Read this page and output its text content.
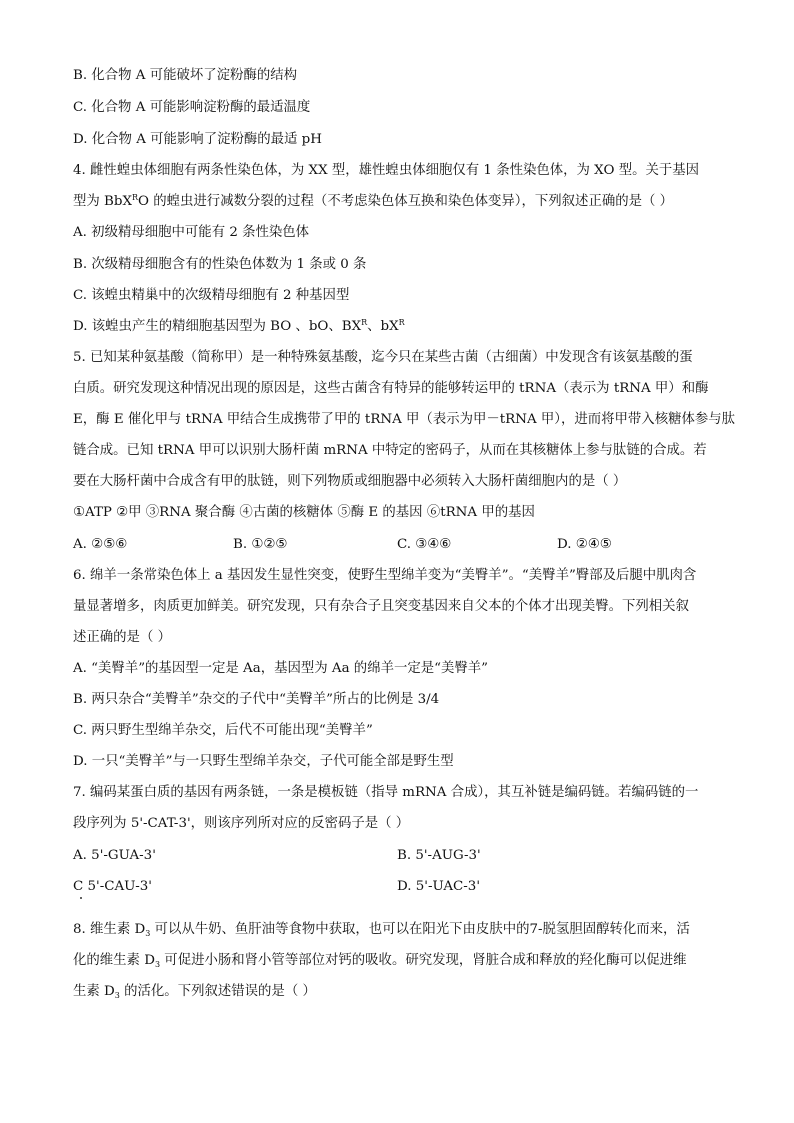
B. 化合物 A 可能破坏了淀粉酶的结构
C. 化合物 A 可能影响淀粉酶的最适温度
D. 化合物 A 可能影响了淀粉酶的最适 pH
4. 雌性蝗虫体细胞有两条性染色体，为 XX 型，雄性蝗虫体细胞仅有 1 条性染色体，为 XO 型。关于基因
型为 BbX$^R$O 的蝗虫进行减数分裂的过程（不考虑染色体互换和染色体变异），下列叙述正确的是（ ）
A. 初级精母细胞中可能有 2 条性染色体
B. 次级精母细胞含有的性染色体数为 1 条或 0 条
C. 该蝗虫精巢中的次级精母细胞有 2 种基因型
D. 该蝗虫产生的精细胞基因型为 BO 、bO、$BX^R$、$bX^R$
5. 已知某种氨基酸（简称甲）是一种特殊氨基酸，迄今只在某些古菌（古细菌）中发现含有该氨基酸的蛋
白质。研究发现这种情况出现的原因是，这些古菌含有特异的能够转运甲的 tRNA（表示为 tRNA 甲）和酶
E，酶 E 催化甲与 tRNA 甲结合生成携带了甲的 tRNA 甲（表示为甲－tRNA 甲），进而将甲带入核糖体参与肽
链合成。已知 tRNA 甲可以识别大肠杆菌 mRNA 中特定的密码子，从而在其核糖体上参与肽链的合成。若
要在大肠杆菌中合成含有甲的肽链，则下列物质或细胞器中必须转入大肠杆菌细胞内的是（ ）
①ATP ②甲 ③RNA 聚合酶 ④古菌的核糖体 ⑤酶 E 的基因 ⑥tRNA 甲的基因
A. ②⑤⑥	B. ①②⑤	C. ③④⑥	D. ②④⑤
6. 绵羊一条常染色体上 a 基因发生显性突变，使野生型绵羊变为“美臀羊”。“美臀羊”臀部及后腿中肌肉含
量显著增多，肉质更加鲜美。研究发现，只有杂合子且突变基因来自父本的个体才出现美臀。下列相关叙
述正确的是（ ）
A. “美臀羊”的基因型一定是 Aa，基因型为 Aa 的绵羊一定是“美臀羊”
B. 两只杂合“美臀羊”杂交的子代中“美臀羊”所占的比例是 3/4
C. 两只野生型绵羊杂交，后代不可能出现“美臀羊”
D. 一只“美臀羊”与一只野生型绵羊杂交，子代可能全部是野生型
7. 编码某蛋白质的基因有两条链，一条是模板链（指导 mRNA 合成），其互补链是编码链。若编码链的一
段序列为 5'-CAT-3'，则该序列所对应的反密码子是（ ）
A. 5'-GUA-3'	B. 5'-AUG-3'
C 5'-CAU-3'	D. 5'-UAC-3'
8. 维生素 $D_3$ 可以从牛奶、鱼肝油等食物中获取，也可以在阳光下由皮肤中的7-脱氢胆固醇转化而来，活
化的维生素 $D_3$ 可促进小肠和肾小管等部位对钙的吸收。研究发现，肾脏合成和释放的羟化酶可以促进维
生素 $D_3$ 的活化。下列叙述错误的是（ ）
